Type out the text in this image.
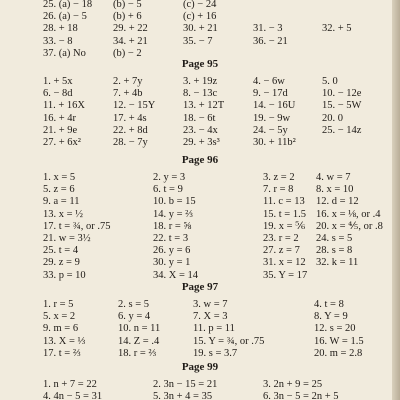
25. (a) − 18 (b) − 5	(c) − 24
26. (a) − 5 (b) + 6	(c) + 16
28. + 18	29. + 22	30. + 21	31. − 3	32. + 5
33. − 8	34. + 21	35. − 7	36. − 21
37. (a) No	(b) − 2
Page 95
1. + 5x	2. + 7y	3. + 19z	4. − 6w	5. 0
6. − 8d	7. + 4b	8. − 13c	9. − 17d	10. − 12e
11. + 16X	12. − 15Y	13. + 12T	14. − 16U	15. − 5W
16. + 4r	17. + 4s	18. − 6t	19. − 9w	20. 0
21. + 9e	22. + 8d	23. − 4x	24. − 5y	25. − 14z
27. + 6x²	28. − 7y	29. + 3s³	30. + 11b²
Page 96
1. x = 5	2. y = 3	3. z = 2 4. w = 7
5. z = 6	6. t = 9	7. r = 8 8. x = 10
9. a = 11	10. b = 15	11. c = 13 12. d = 12
13. x = ½	14. y = ⅔	15. t = 1.5 16. x = ⅛, or .4
17. t = ¾, or .75	18. r = ⅝	19. x = ⅚ 20. x = ⅘, or .8
21. w = 3½	22. t = 3	23. r = 2 24. s = 5
25. t = 4	26. y = 6	27. z = 7 28. s = 8
29. z = 9	30. y = 1	31. x = 12 32. k = 11
33. p = 10	34. X = 14	35. Y = 17
Page 97
1. r = 5	2. s = 5	3. w = 7	4. t = 8
5. x = 2	6. y = 4	7. X = 3	8. Y = 9
9. m = 6	10. n = 11	11. p = 11	12. s = 20
13. X = ⅓	14. Z = .4	15. Y = ¾, or .75	16. W = 1.5
17. t = ⅔	18. r = ⅔	19. s = 3.7	20. m = 2.8
Page 99
1. n + 7 = 22	2. 3n − 15 = 21	3. 2n + 9 = 25
4. 4n − 5 = 31	5. 3n + 4 = 35	6. 3n − 5 = 2n + 5
